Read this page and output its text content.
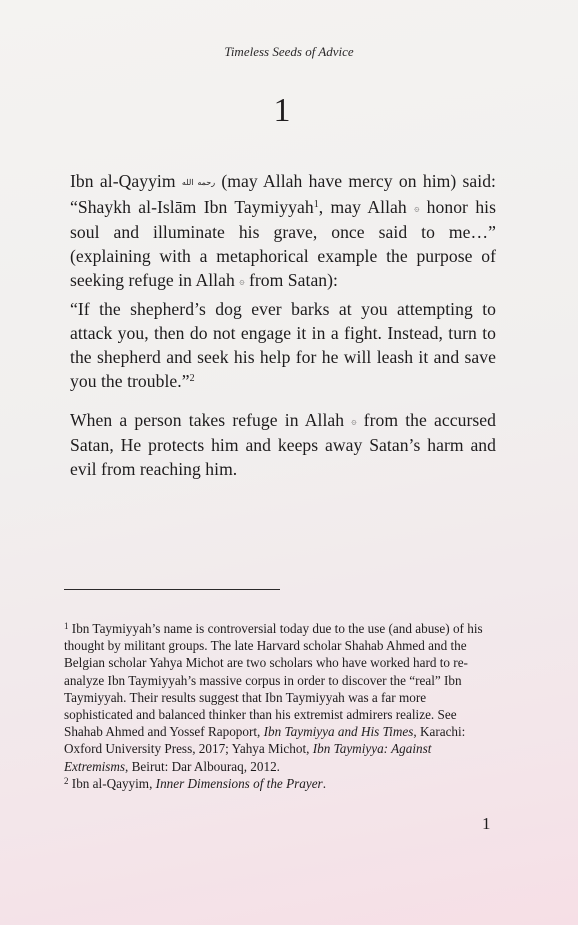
Timeless Seeds of Advice
1

Ibn al-Qayyim رحمه الله (may Allah have mercy on him) said: “Shaykh al-Islām Ibn Taymiyyah$^1$, may Allah ۞ honor his soul and illuminate his grave, once said to me…” (explaining with a metaphorical example the purpose of seeking refuge in Allah ۞ from Satan):

“If the shepherd’s dog ever barks at you attempting to attack you, then do not engage it in a fight. Instead, turn to the shepherd and seek his help for he will leash it and save you the trouble.”$^2$

When a person takes refuge in Allah ۞ from the accursed Satan, He protects him and keeps away Satan’s harm and evil from reaching him.

$^1$ Ibn Taymiyyah’s name is controversial today due to the use (and abuse) of his thought by militant groups. The late Harvard scholar Shahab Ahmed and the Belgian scholar Yahya Michot are two scholars who have worked hard to re-analyze Ibn Taymiyyah’s massive corpus in order to discover the “real” Ibn Taymiyyah. Their results suggest that Ibn Taymiyyah was a far more sophisticated and balanced thinker than his extremist admirers realize. See Shahab Ahmed and Yossef Rapoport, Ibn Taymiyya and His Times, Karachi: Oxford University Press, 2017; Yahya Michot, Ibn Taymiyya: Against Extremisms, Beirut: Dar Albouraq, 2012.

$^2$ Ibn al-Qayyim, Inner Dimensions of the Prayer.

1
